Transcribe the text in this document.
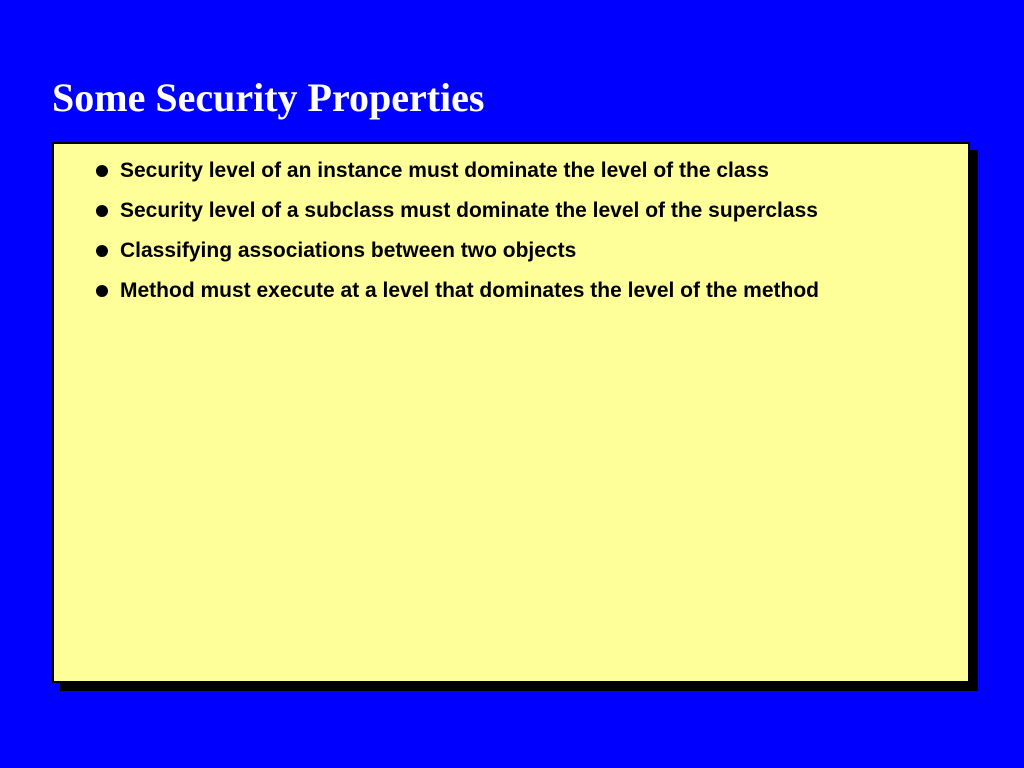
Some Security Properties
Security level of an instance must dominate the level of the class
Security level of a subclass must dominate the level of the superclass
Classifying associations between two objects
Method must execute at a level that dominates the level of the method
